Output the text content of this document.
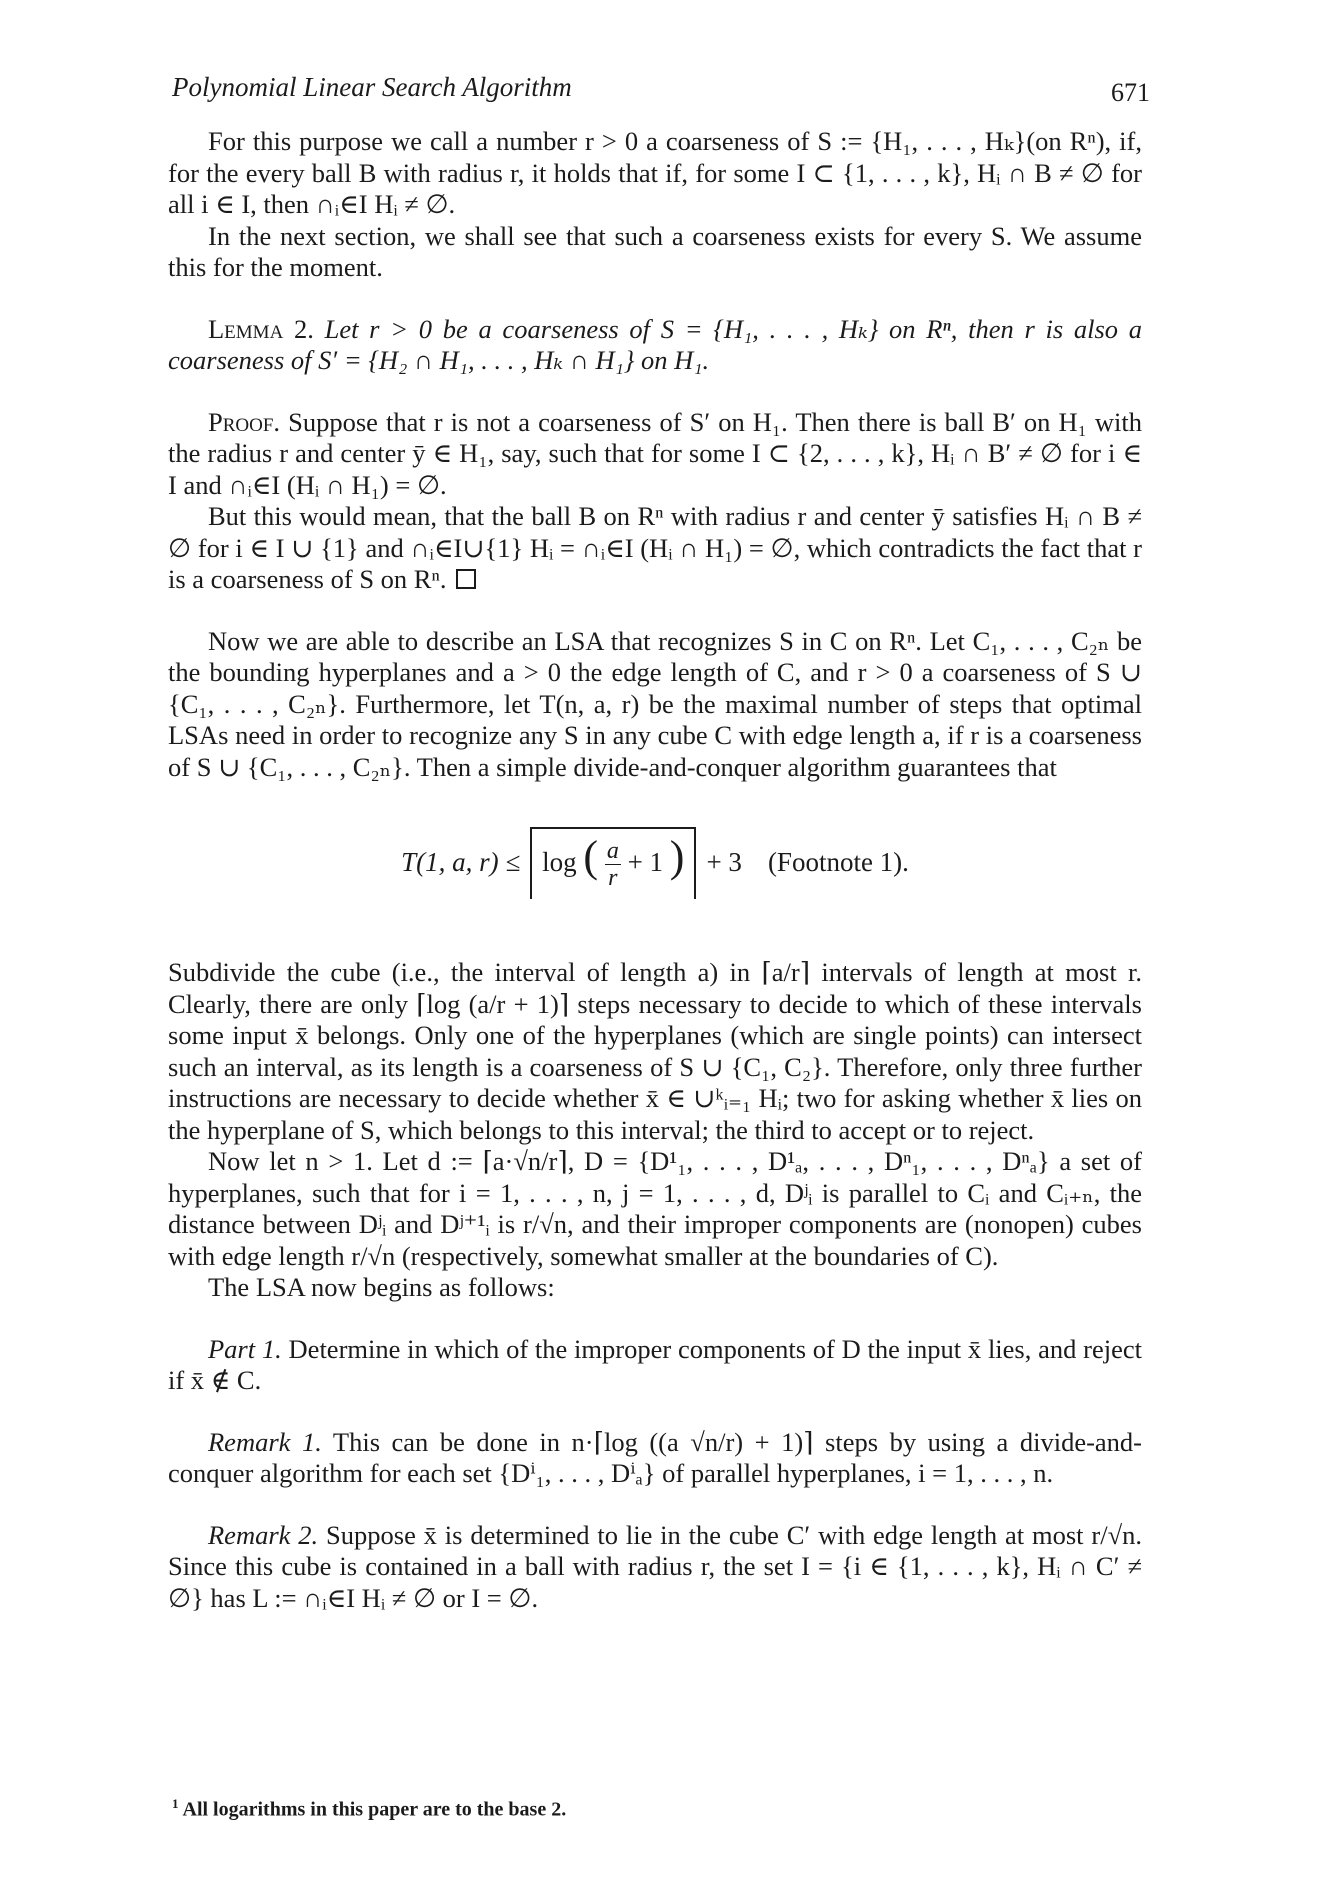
Polynomial Linear Search Algorithm	671

For this purpose we call a number r > 0 a coarseness of S := {H₁, . . . , Hₖ}(on Rⁿ), if, for the every ball B with radius r, it holds that if, for some I ⊂ {1, . . . , k}, Hᵢ ∩ B ≠ ∅ for all i ∈ I, then ∩ᵢ∈I Hᵢ ≠ ∅.

In the next section, we shall see that such a coarseness exists for every S. We assume this for the moment.

Lemma 2. Let r > 0 be a coarseness of S = {H₁, . . . , Hₖ} on Rⁿ, then r is also a coarseness of S′ = {H₂ ∩ H₁, . . . , Hₖ ∩ H₁} on H₁.

Proof. Suppose that r is not a coarseness of S′ on H₁. Then there is ball B′ on H₁ with the radius r and center ȳ ∈ H₁, say, such that for some I ⊂ {2, . . . , k}, Hᵢ ∩ B′ ≠ ∅ for i ∈ I and ∩ᵢ∈I (Hᵢ ∩ H₁) = ∅.

But this would mean, that the ball B on Rⁿ with radius r and center ȳ satisfies Hᵢ ∩ B ≠ ∅ for i ∈ I ∪ {1} and ∩ᵢ∈I∪{1} Hᵢ = ∩ᵢ∈I (Hᵢ ∩ H₁) = ∅, which contradicts the fact that r is a coarseness of S on Rⁿ.

Now we are able to describe an LSA that recognizes S in C on Rⁿ. Let C₁, . . . , C₂ₙ be the bounding hyperplanes and a > 0 the edge length of C, and r > 0 a coarseness of S ∪ {C₁, . . . , C₂ₙ}. Furthermore, let T(n, a, r) be the maximal number of steps that optimal LSAs need in order to recognize any S in any cube C with edge length a, if r is a coarseness of S ∪ {C₁, . . . , C₂ₙ}. Then a simple divide-and-conquer algorithm guarantees that

T(1, a, r) ≤ log ( $\frac{a}{r} + 1$ ) + 3 (Footnote 1).

Subdivide the cube (i.e., the interval of length a) in ⌈a/r⌉ intervals of length at most r. Clearly, there are only ⌈log (a/r + 1)⌉ steps necessary to decide to which of these intervals some input x̄ belongs. Only one of the hyperplanes (which are single points) can intersect such an interval, as its length is a coarseness of S ∪ {C₁, C₂}. Therefore, only three further instructions are necessary to decide whether x̄ ∈ ∪ᵏᵢ₌₁ Hᵢ; two for asking whether x̄ lies on the hyperplane of S, which belongs to this interval; the third to accept or to reject.

Now let n > 1. Let d := ⌈a·√n/r⌉, D = {D¹₁, . . . , D¹ₐ, . . . , Dⁿ₁, . . . , Dⁿₐ} a set of hyperplanes, such that for i = 1, . . . , n, j = 1, . . . , d, Dʲᵢ is parallel to Cᵢ and Cᵢ₊ₙ, the distance between Dʲᵢ and Dʲ⁺¹ᵢ is r/√n, and their improper components are (nonopen) cubes with edge length r/√n (respectively, somewhat smaller at the boundaries of C).

The LSA now begins as follows:

Part 1. Determine in which of the improper components of D the input x̄ lies, and reject if x̄ ∉ C.

Remark 1. This can be done in n·⌈log ((a √n/r) + 1)⌉ steps by using a divide-and-conquer algorithm for each set {Dⁱ₁, . . . , Dⁱₐ} of parallel hyperplanes, i = 1, . . . , n.

Remark 2. Suppose x̄ is determined to lie in the cube C′ with edge length at most r/√n. Since this cube is contained in a ball with radius r, the set I = {i ∈ {1, . . . , k}, Hᵢ ∩ C′ ≠ ∅} has L := ∩ᵢ∈I Hᵢ ≠ ∅ or I = ∅.

$^1$ All logarithms in this paper are to the base 2.
